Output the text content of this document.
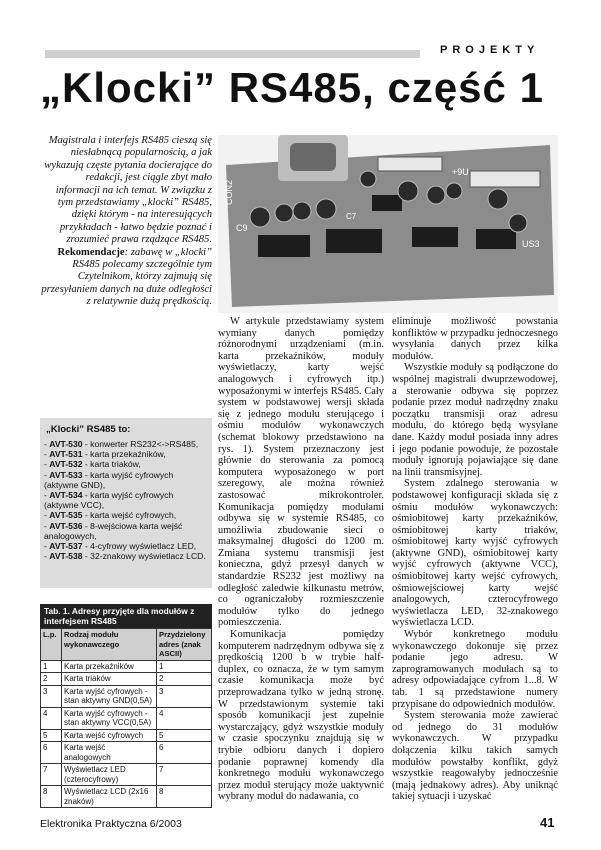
PROJEKTY
„Klocki” RS485, część 1

Magistrala i interfejs RS485 cieszą się niesłabnącą popularnością, a jak wykazują częste pytania docierające do redakcji, jest ciągle zbyt mało informacji na ich temat. W związku z tym przedstawiamy „klocki” RS485, dzięki którym - na interesujących przykładach - łatwo będzie poznać i zrozumieć prawa rządzące RS485.

Rekomendacje: zabawę w „klocki” RS485 polecamy szczególnie tym Czytelnikom, którzy zajmują się przesyłaniem danych na duże odległości z relatywnie dużą prędkością.

CON2
C9
US3
+9U
C7
„Klocki” RS485 to:
- AVT-530 - konwerter RS232<->RS485,
- AVT-531 - karta przekaźników,
- AVT-532 - karta triaków,
- AVT-533 - karta wyjść cyfrowych (aktywne GND),
- AVT-534 - karta wyjść cyfrowych (aktywne VCC),
- AVT-535 - karta wejść cyfrowych,
- AVT-536 - 8-wejściowa karta wejść analogowych,
- AVT-537 - 4-cyfrowy wyświetlacz LED,
- AVT-538 - 32-znakowy wyświetlacz LCD.
Tab. 1. Adresy przyjęte dla modułów z interfejsem RS485
L.p.	Rodzaj modułu wykonawczego	Przydzielony adres (znak ASCII)
1	Karta przekaźników	1
2	Karta triaków	2
3	Karta wyjść cyfrowych - stan aktywny GND(0,5A)	3
4	Karta wyjść cyfrowych - stan aktywny VCC(0,5A)	4
5	Karta wejść cyfrowych	5
6	Karta wejść analogowych	6
7	Wyświetlacz LED (czterocyfrowy)	7
8	Wyświetlacz LCD (2x16 znaków)	8

W artykule przedstawiamy system wymiany danych pomiędzy różnorodnymi urządzeniami (m.in. karta przekaźników, moduły wyświetlaczy, karty wejść analogowych i cyfrowych itp.) wyposażonymi w interfejs RS485. Cały system w podstawowej wersji składa się z jednego modułu sterującego i ośmiu modułów wykonawczych (schemat blokowy przedstawiono na rys. 1). System przeznaczony jest głównie do sterowania za pomocą komputera wyposażonego w port szeregowy, ale można również zastosować mikrokontroler. Komunikacja pomiędzy modułami odbywa się w systemie RS485, co umożliwia zbudowanie sieci o maksymalnej długości do 1200 m. Zmiana systemu transmisji jest konieczna, gdyż przesył danych w standardzie RS232 jest możliwy na odległość zaledwie kilkunastu metrów, co ograniczałoby rozmieszczenie modułów tylko do jednego pomieszczenia.

Komunikacja pomiędzy komputerem nadrzędnym odbywa się z prędkością 1200 b w trybie half-duplex, co oznacza, że w tym samym czasie komunikacja może być przeprowadzana tylko w jedną stronę. W przedstawionym systemie taki sposób komunikacji jest zupełnie wystarczający, gdyż wszystkie moduły w czasie spoczynku znajdują się w trybie odbioru danych i dopiero podanie poprawnej komendy dla konkretnego modułu wykonawczego przez moduł sterujący może uaktywnić wybrany moduł do nadawania, co

eliminuje możliwość powstania konfliktów w przypadku jednoczesnego wysyłania danych przez kilka modułów.

Wszystkie moduły są podłączone do wspólnej magistrali dwuprzewodowej, a sterowanie odbywa się poprzez podanie przez moduł nadrzędny znaku początku transmisji oraz adresu modułu, do którego będą wysyłane dane. Każdy moduł posiada inny adres i jego podanie powoduje, że pozostałe moduły ignorują pojawiające się dane na linii transmisyjnej.

System zdalnego sterowania w podstawowej konfiguracji składa się z ośmiu modułów wykonawczych: ośmiobitowej karty przekaźników, ośmiobitowej karty triaków, ośmiobitowej karty wyjść cyfrowych (aktywne GND), ośmiobitowej karty wyjść cyfrowych (aktywne VCC), ośmiobitowej karty wejść cyfrowych, ośmiowejściowej karty wejść analogowych, czterocyfrowego wyświetlacza LED, 32-znakowego wyświetlacza LCD.

Wybór konkretnego modułu wykonawczego dokonuje się przez podanie jego adresu. W zaprogramowanych modułach są to adresy odpowiadające cyfrom 1...8. W tab. 1 są przedstawione numery przypisane do odpowiednich modułów.

System sterowania może zawierać od jednego do 31 modułów wykonawczych. W przypadku dołączenia kilku takich samych modułów powstałby konflikt, gdyż wszystkie reagowałyby jednocześnie (mają jednakowy adres). Aby uniknąć takiej sytuacji i uzyskać

Elektronika Praktyczna 6/2003	41
